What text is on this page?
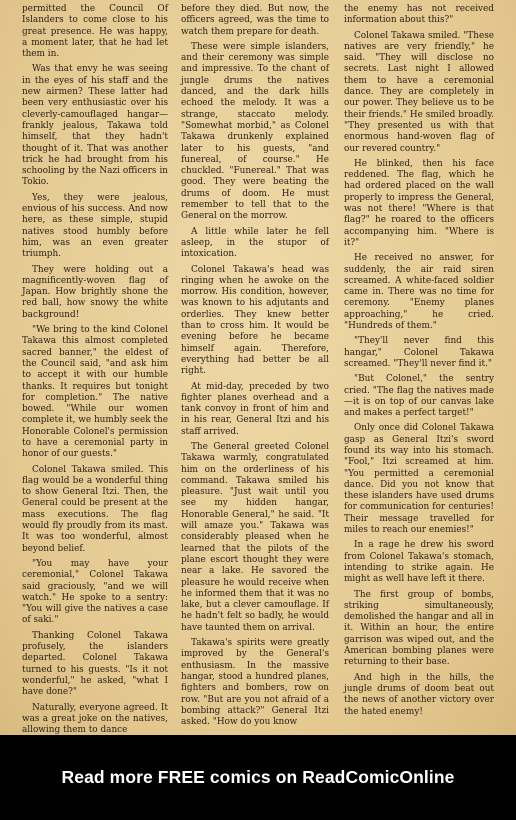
permitted the Council Of Islanders to come close to his great presence. He was happy, a moment later, that he had let them in.

Was that envy he was seeing in the eyes of his staff and the new airmen? These latter had been very enthusiastic over his cleverly-camouflaged hangar—frankly jealous, Takawa told himself, that they hadn't thought of it. That was another trick he had brought from his schooling by the Nazi officers in Tokio.

Yes, they were jealous, envious of his success. And now here, as these simple, stupid natives stood humbly before him, was an even greater triumph.

They were holding out a magnificently-woven flag of Japan. How brightly shone the red ball, how snowy the white background!

"We bring to the kind Colonel Takawa this almost completed sacred banner," the eldest of the Council said, "and ask him to accept it with our humble thanks. It requires but tonight for completion." The native bowed. "While our women complete it, we humbly seek the Honorable Colonel's permission to have a ceremonial party in honor of our guests."

Colonel Takawa smiled. This flag would be a wonderful thing to show General Itzi. Then, the General could be present at the mass executions. The flag would fly proudly from its mast. It was too wonderful, almost beyond belief.

"You may have your ceremonial," Colonel Takawa said graciously, "and we will watch." He spoke to a sentry: "You will give the natives a case of saki."

Thanking Colonel Takawa profusely, the islanders departed. Colonel Takawa turned to his guests. "Is it not wonderful," he asked, "what I have done?"

Naturally, everyone agreed. It was a great joke on the natives, allowing them to dance

before they died. But now, the officers agreed, was the time to watch them prepare for death.

These were simple islanders, and their ceremony was simple and impressive. To the chant of jungle drums the natives danced, and the dark hills echoed the melody. It was a strange, staccato melody. "Somewhat morbid," as Colonel Takawa drunkenly explained later to his guests, "and funereal, of course." He chuckled. "Funereal." That was good. They were beating the drums of doom. He must remember to tell that to the General on the morrow.

A little while later he fell asleep, in the stupor of intoxication.

Colonel Takawa's head was ringing when he awoke on the morrow. His condition, however, was known to his adjutants and orderlies. They knew better than to cross him. It would be evening before he became himself again. Therefore, everything had better be all right.

At mid-day, preceded by two fighter planes overhead and a tank convoy in front of him and in his rear, General Itzi and his staff arrived.

The General greeted Colonel Takawa warmly, congratulated him on the orderliness of his command. Takawa smiled his pleasure. "Just wait until you see my hidden hangar, Honorable General," he said. "It will amaze you." Takawa was considerably pleased when he learned that the pilots of the plane escort thought they were near a lake. He savored the pleasure he would receive when he informed them that it was no lake, but a clever camouflage. If he hadn't felt so badly, he would have taunted them on arrival.

Takawa's spirits were greatly improved by the General's enthusiasm. In the massive hangar, stood a hundred planes, fighters and bombers, row on row. "But are you not afraid of a bombing attack?" General Itzi asked. "How do you know

the enemy has not received information about this?"

Colonel Takawa smiled. "These natives are very friendly," he said. "They will disclose no secrets. Last night I allowed them to have a ceremonial dance. They are completely in our power. They believe us to be their friends." He smiled broadly. "They presented us with that enormous hand-woven flag of our revered country."

He blinked, then his face reddened. The flag, which he had ordered placed on the wall properly to impress the General, was not there! "Where is that flag?" he roared to the officers accompanying him. "Where is it?"

He received no answer, for suddenly, the air raid siren screamed. A white-faced soldier came in. There was no time for ceremony. "Enemy planes approaching," he cried. "Hundreds of them."

"They'll never find this hangar," Colonel Takawa screamed. "They'll never find it."

"But Colonel," the sentry cried. "The flag the natives made—it is on top of our canvas lake and makes a perfect target!"

Only once did Colonel Takawa gasp as General Itzi's sword found its way into his stomach. "Fool," Itzi screamed at him. "You permitted a ceremonial dance. Did you not know that these islanders have used drums for communication for centuries! Their message travelled for miles to reach our enemies!"

In a rage he drew his sword from Colonel Takawa's stomach, intending to strike again. He might as well have left it there.

The first group of bombs, striking simultaneously, demolished the hangar and all in it. Within an hour, the entire garrison was wiped out, and the American bombing planes were returning to their base.

And high in the hills, the jungle drums of doom beat out the news of another victory over the hated enemy!

Read more FREE comics on ReadComicOnline
